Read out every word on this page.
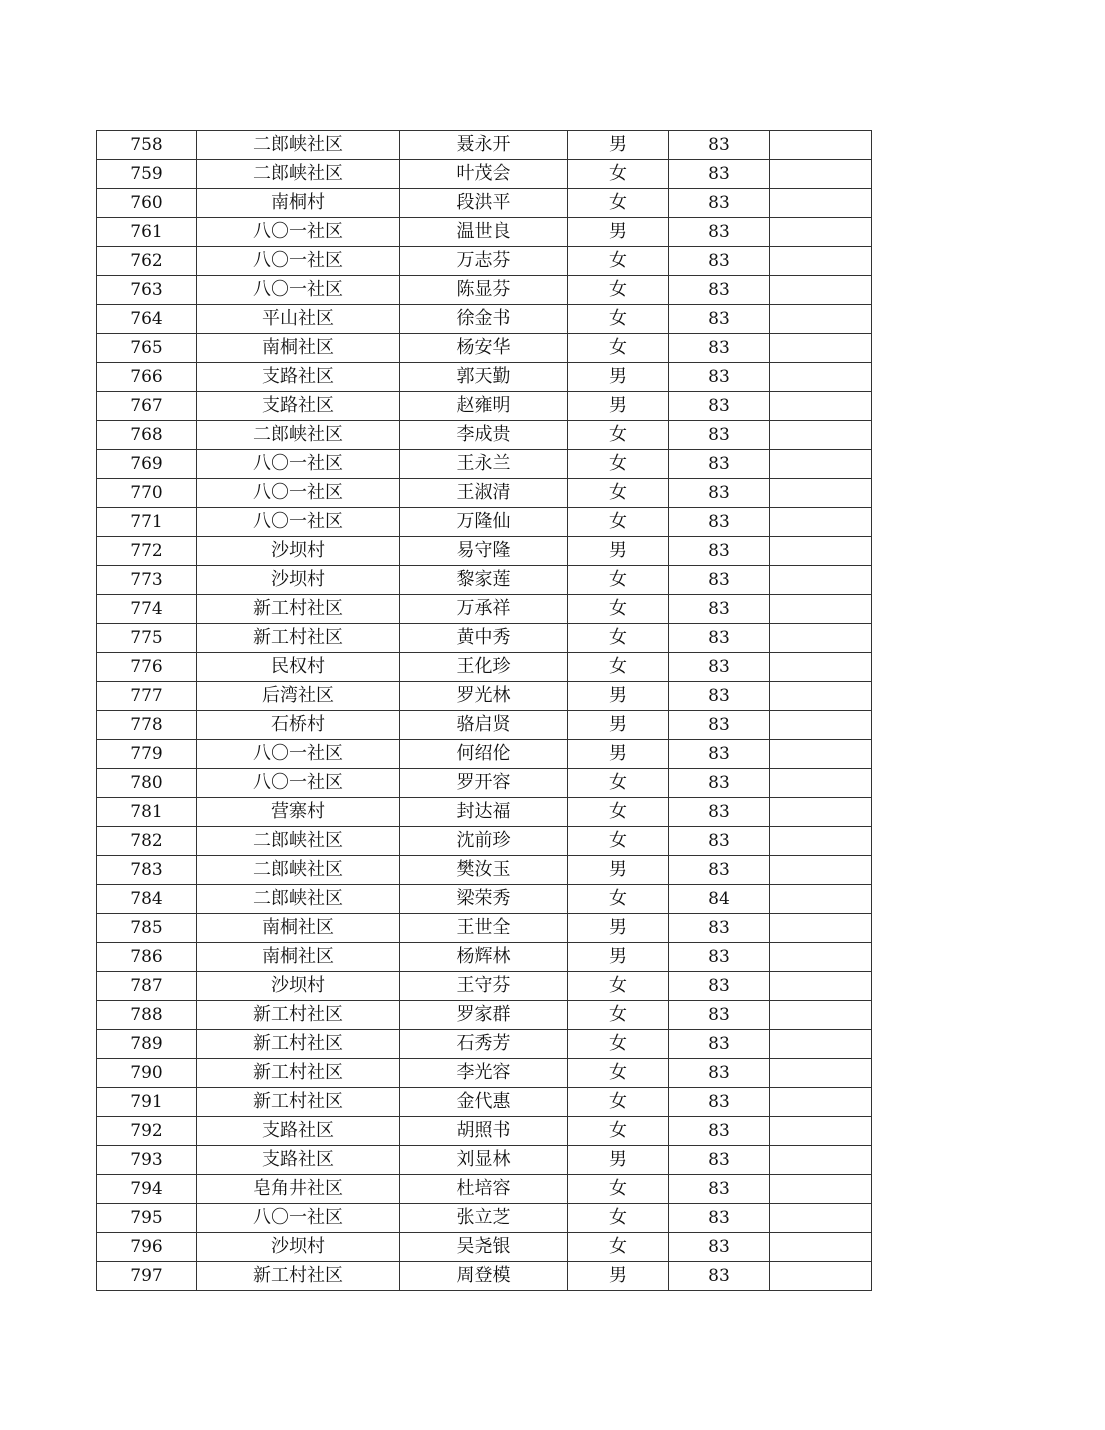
758	二郎峡社区	聂永开	男	83	
759	二郎峡社区	叶茂会	女	83	
760	南桐村	段洪平	女	83	
761	八〇一社区	温世良	男	83	
762	八〇一社区	万志芬	女	83	
763	八〇一社区	陈显芬	女	83	
764	平山社区	徐金书	女	83	
765	南桐社区	杨安华	女	83	
766	支路社区	郭天勤	男	83	
767	支路社区	赵雍明	男	83	
768	二郎峡社区	李成贵	女	83	
769	八〇一社区	王永兰	女	83	
770	八〇一社区	王淑清	女	83	
771	八〇一社区	万隆仙	女	83	
772	沙坝村	易守隆	男	83	
773	沙坝村	黎家莲	女	83	
774	新工村社区	万承祥	女	83	
775	新工村社区	黄中秀	女	83	
776	民权村	王化珍	女	83	
777	后湾社区	罗光林	男	83	
778	石桥村	骆启贤	男	83	
779	八〇一社区	何绍伦	男	83	
780	八〇一社区	罗开容	女	83	
781	营寨村	封达福	女	83	
782	二郎峡社区	沈前珍	女	83	
783	二郎峡社区	樊汝玉	男	83	
784	二郎峡社区	梁荣秀	女	84	
785	南桐社区	王世全	男	83	
786	南桐社区	杨辉林	男	83	
787	沙坝村	王守芬	女	83	
788	新工村社区	罗家群	女	83	
789	新工村社区	石秀芳	女	83	
790	新工村社区	李光容	女	83	
791	新工村社区	金代惠	女	83	
792	支路社区	胡照书	女	83	
793	支路社区	刘显林	男	83	
794	皂角井社区	杜培容	女	83	
795	八〇一社区	张立芝	女	83	
796	沙坝村	吴尧银	女	83	
797	新工村社区	周登模	男	83	
